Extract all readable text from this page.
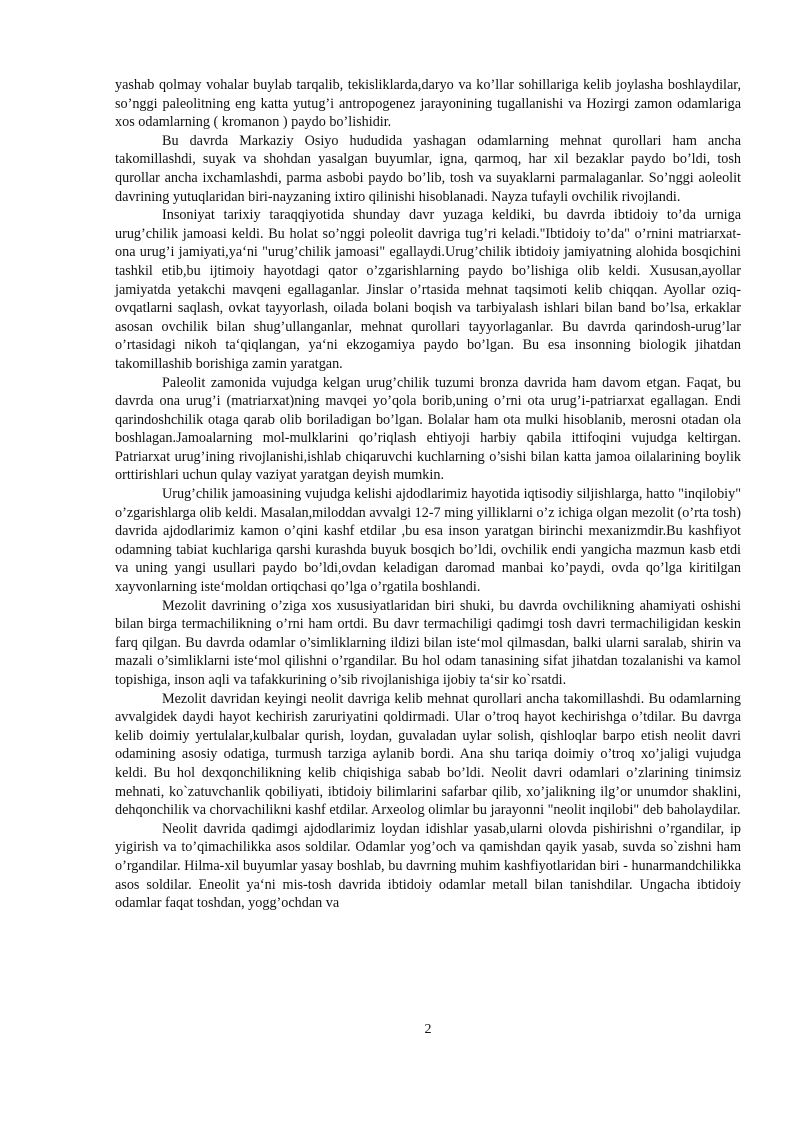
yashab qolmay vohalar buylab tarqalib, tekisliklarda,daryo va ko’llar sohillariga kelib joylasha boshlaydilar, so’nggi paleolitning eng katta yutug’i antropogenez jarayonining tugallanishi va Hozirgi zamon odamlariga xos odamlarning ( kromanon ) paydo bo’lishidir.

Bu davrda Markaziy Osiyo hududida yashagan odamlarning mehnat qurollari ham ancha takomillashdi, suyak va shohdan yasalgan buyumlar, igna, qarmoq, har xil bezaklar paydo bo’ldi, tosh qurollar ancha ixchamlashdi, parma asbobi paydo bo’lib, tosh va suyaklarni parmalaganlar. So’nggi aoleolit davrining yutuqlaridan biri-nayzaning ixtiro qilinishi hisoblanadi. Nayza tufayli ovchilik rivojlandi.

Insoniyat tarixiy taraqqiyotida shunday davr yuzaga keldiki, bu davrda ibtidoiy to’da urniga urug’chilik jamoasi keldi. Bu holat so’nggi poleolit davriga tug’ri keladi."Ibtidoiy to’da" o’rnini matriarxat-ona urug’i jamiyati,ya‘ni "urug’chilik jamoasi" egallaydi.Urug’chilik ibtidoiy jamiyatning alohida bosqichini tashkil etib,bu ijtimoiy hayotdagi qator o’zgarishlarning paydo bo’lishiga olib keldi. Xususan,ayollar jamiyatda yetakchi mavqeni egallaganlar. Jinslar o’rtasida mehnat taqsimoti kelib chiqqan. Ayollar oziq-ovqatlarni saqlash, ovkat tayyorlash, oilada bolani boqish va tarbiyalash ishlari bilan band bo’lsa, erkaklar asosan ovchilik bilan shug’ullanganlar, mehnat qurollari tayyorlaganlar. Bu davrda qarindosh-urug’lar o’rtasidagi nikoh ta‘qiqlangan, ya‘ni ekzogamiya paydo bo’lgan. Bu esa insonning biologik jihatdan takomillashib borishiga zamin yaratgan.

Paleolit zamonida vujudga kelgan urug’chilik tuzumi bronza davrida ham davom etgan. Faqat, bu davrda ona urug’i (matriarxat)ning mavqei yo’qola borib,uning o’rni ota urug’i-patriarxat egallagan. Endi qarindoshchilik otaga qarab olib boriladigan bo’lgan. Bolalar ham ota mulki hisoblanib, merosni otadan ola boshlagan.Jamoalarning mol-mulklarini qo’riqlash ehtiyoji harbiy qabila ittifoqini vujudga keltirgan. Patriarxat urug’ining rivojlanishi,ishlab chiqaruvchi kuchlarning o’sishi bilan katta jamoa oilalarining boylik orttirishlari uchun qulay vaziyat yaratgan deyish mumkin.

Urug’chilik jamoasining vujudga kelishi ajdodlarimiz hayotida iqtisodiy siljishlarga, hatto "inqilobiy" o’zgarishlarga olib keldi. Masalan,miloddan avvalgi 12-7 ming yilliklarni o’z ichiga olgan mezolit (o’rta tosh) davrida ajdodlarimiz kamon o’qini kashf etdilar ,bu esa inson yaratgan birinchi mexanizmdir.Bu kashfiyot odamning tabiat kuchlariga qarshi kurashda buyuk bosqich bo’ldi, ovchilik endi yangicha mazmun kasb etdi va uning yangi usullari paydo bo’ldi,ovdan keladigan daromad manbai ko’paydi, ovda qo’lga kiritilgan xayvonlarning iste‘moldan ortiqchasi qo’lga o’rgatila boshlandi.

Mezolit davrining o’ziga xos xususiyatlaridan biri shuki, bu davrda ovchilikning ahamiyati oshishi bilan birga termachilikning o’rni ham ortdi. Bu davr termachiligi qadimgi tosh davri termachiligidan keskin farq qilgan. Bu davrda odamlar o’simliklarning ildizi bilan iste‘mol qilmasdan, balki ularni saralab, shirin va mazali o’simliklarni iste‘mol qilishni o’rgandilar. Bu hol odam tanasining sifat jihatdan tozalanishi va kamol topishiga, inson aqli va tafakkurining o’sib rivojlanishiga ijobiy ta‘sir ko`rsatdi.

Mezolit davridan keyingi neolit davriga kelib mehnat qurollari ancha takomillashdi. Bu odamlarning avvalgidek daydi hayot kechirish zaruriyatini qoldirmadi. Ular o’troq hayot kechirishga o’tdilar. Bu davrga kelib doimiy yertulalar,kulbalar qurish, loydan, guvaladan uylar solish, qishloqlar barpo etish neolit davri odamining asosiy odatiga, turmush tarziga aylanib bordi. Ana shu tariqa doimiy o’troq xo’jaligi vujudga keldi. Bu hol dexqonchilikning kelib chiqishiga sabab bo’ldi. Neolit davri odamlari o’zlarining tinimsiz mehnati, ko`zatuvchanlik qobiliyati, ibtidoiy bilimlarini safarbar qilib, xo’jalikning ilg’or unumdor shaklini, dehqonchilik va chorvachilikni kashf etdilar. Arxeolog olimlar bu jarayonni "neolit inqilobi" deb baholaydilar.

Neolit davrida qadimgi ajdodlarimiz loydan idishlar yasab,ularni olovda pishirishni o’rgandilar, ip yigirish va to’qimachilikka asos soldilar. Odamlar yog’och va qamishdan qayik yasab, suvda so`zishni ham o’rgandilar. Hilma-xil buyumlar yasay boshlab, bu davrning muhim kashfiyotlaridan biri - hunarmandchilikka asos soldilar. Eneolit ya‘ni mis-tosh davrida ibtidoiy odamlar metall bilan tanishdilar. Ungacha ibtidoiy odamlar faqat toshdan, yogg’ochdan va

2
